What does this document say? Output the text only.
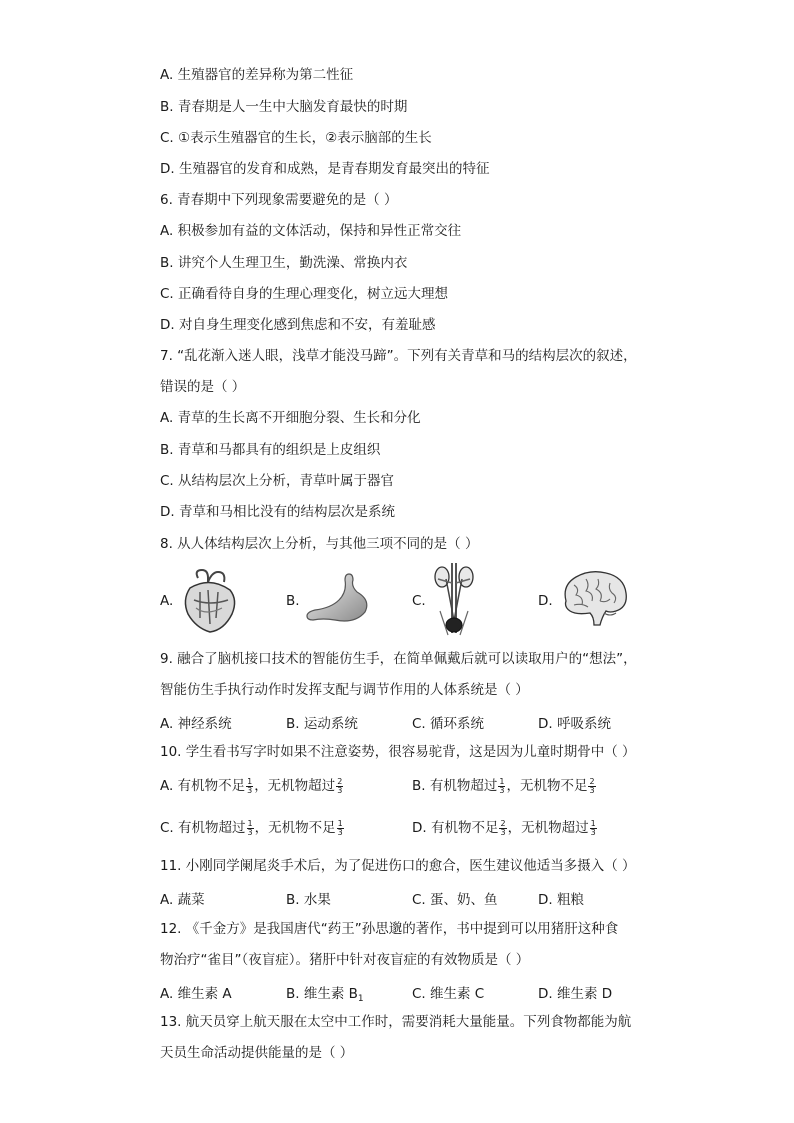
A. 生殖器官的差异称为第二性征
B. 青春期是人一生中大脑发育最快的时期
C. ①表示生殖器官的生长，②表示脑部的生长
D. 生殖器官的发育和成熟，是青春期发育最突出的特征
6. 青春期中下列现象需要避免的是（ ）
A. 积极参加有益的文体活动，保持和异性正常交往
B. 讲究个人生理卫生，勤洗澡、常换内衣
C. 正确看待自身的生理心理变化，树立远大理想
D. 对自身生理变化感到焦虑和不安，有羞耻感
7. “乱花渐入迷人眼，浅草才能没马蹄”。下列有关青草和马的结构层次的叙述，
错误的是（ ）
A. 青草的生长离不开细胞分裂、生长和分化
B. 青草和马都具有的组织是上皮组织
C. 从结构层次上分析，青草叶属于器官
D. 青草和马相比没有的结构层次是系统
8. 从人体结构层次上分析，与其他三项不同的是（ ）
A.	B.	C.	D.
9. 融合了脑机接口技术的智能仿生手，在简单佩戴后就可以读取用户的“想法”，
智能仿生手执行动作时发挥支配与调节作用的人体系统是（ ）
A. 神经系统	B. 运动系统	C. 循环系统	D. 呼吸系统
10. 学生看书写字时如果不注意姿势，很容易驼背，这是因为儿童时期骨中（ ）
A. 有机物不足 $\frac{1}{3}$ ，无机物超过 $\frac{2}{3}$	B. 有机物超过 $\frac{1}{3}$ ，无机物不足 $\frac{2}{3}$
C. 有机物超过 $\frac{1}{3}$ ，无机物不足 $\frac{1}{3}$	D. 有机物不足 $\frac{2}{3}$ ，无机物超过 $\frac{1}{3}$
11. 小刚同学阑尾炎手术后，为了促进伤口的愈合，医生建议他适当多摄入（ ）
A. 蔬菜	B. 水果	C. 蛋、奶、鱼	D. 粗粮
12. 《千金方》是我国唐代“药王”孙思邈的著作，书中提到可以用猪肝这种食
物治疗“雀目”（夜盲症）。猪肝中针对夜盲症的有效物质是（ ）
A. 维生素 A	B. 维生素 $B_1$	C. 维生素 C	D. 维生素 D
13. 航天员穿上航天服在太空中工作时，需要消耗大量能量。下列食物都能为航
天员生命活动提供能量的是（ ）
